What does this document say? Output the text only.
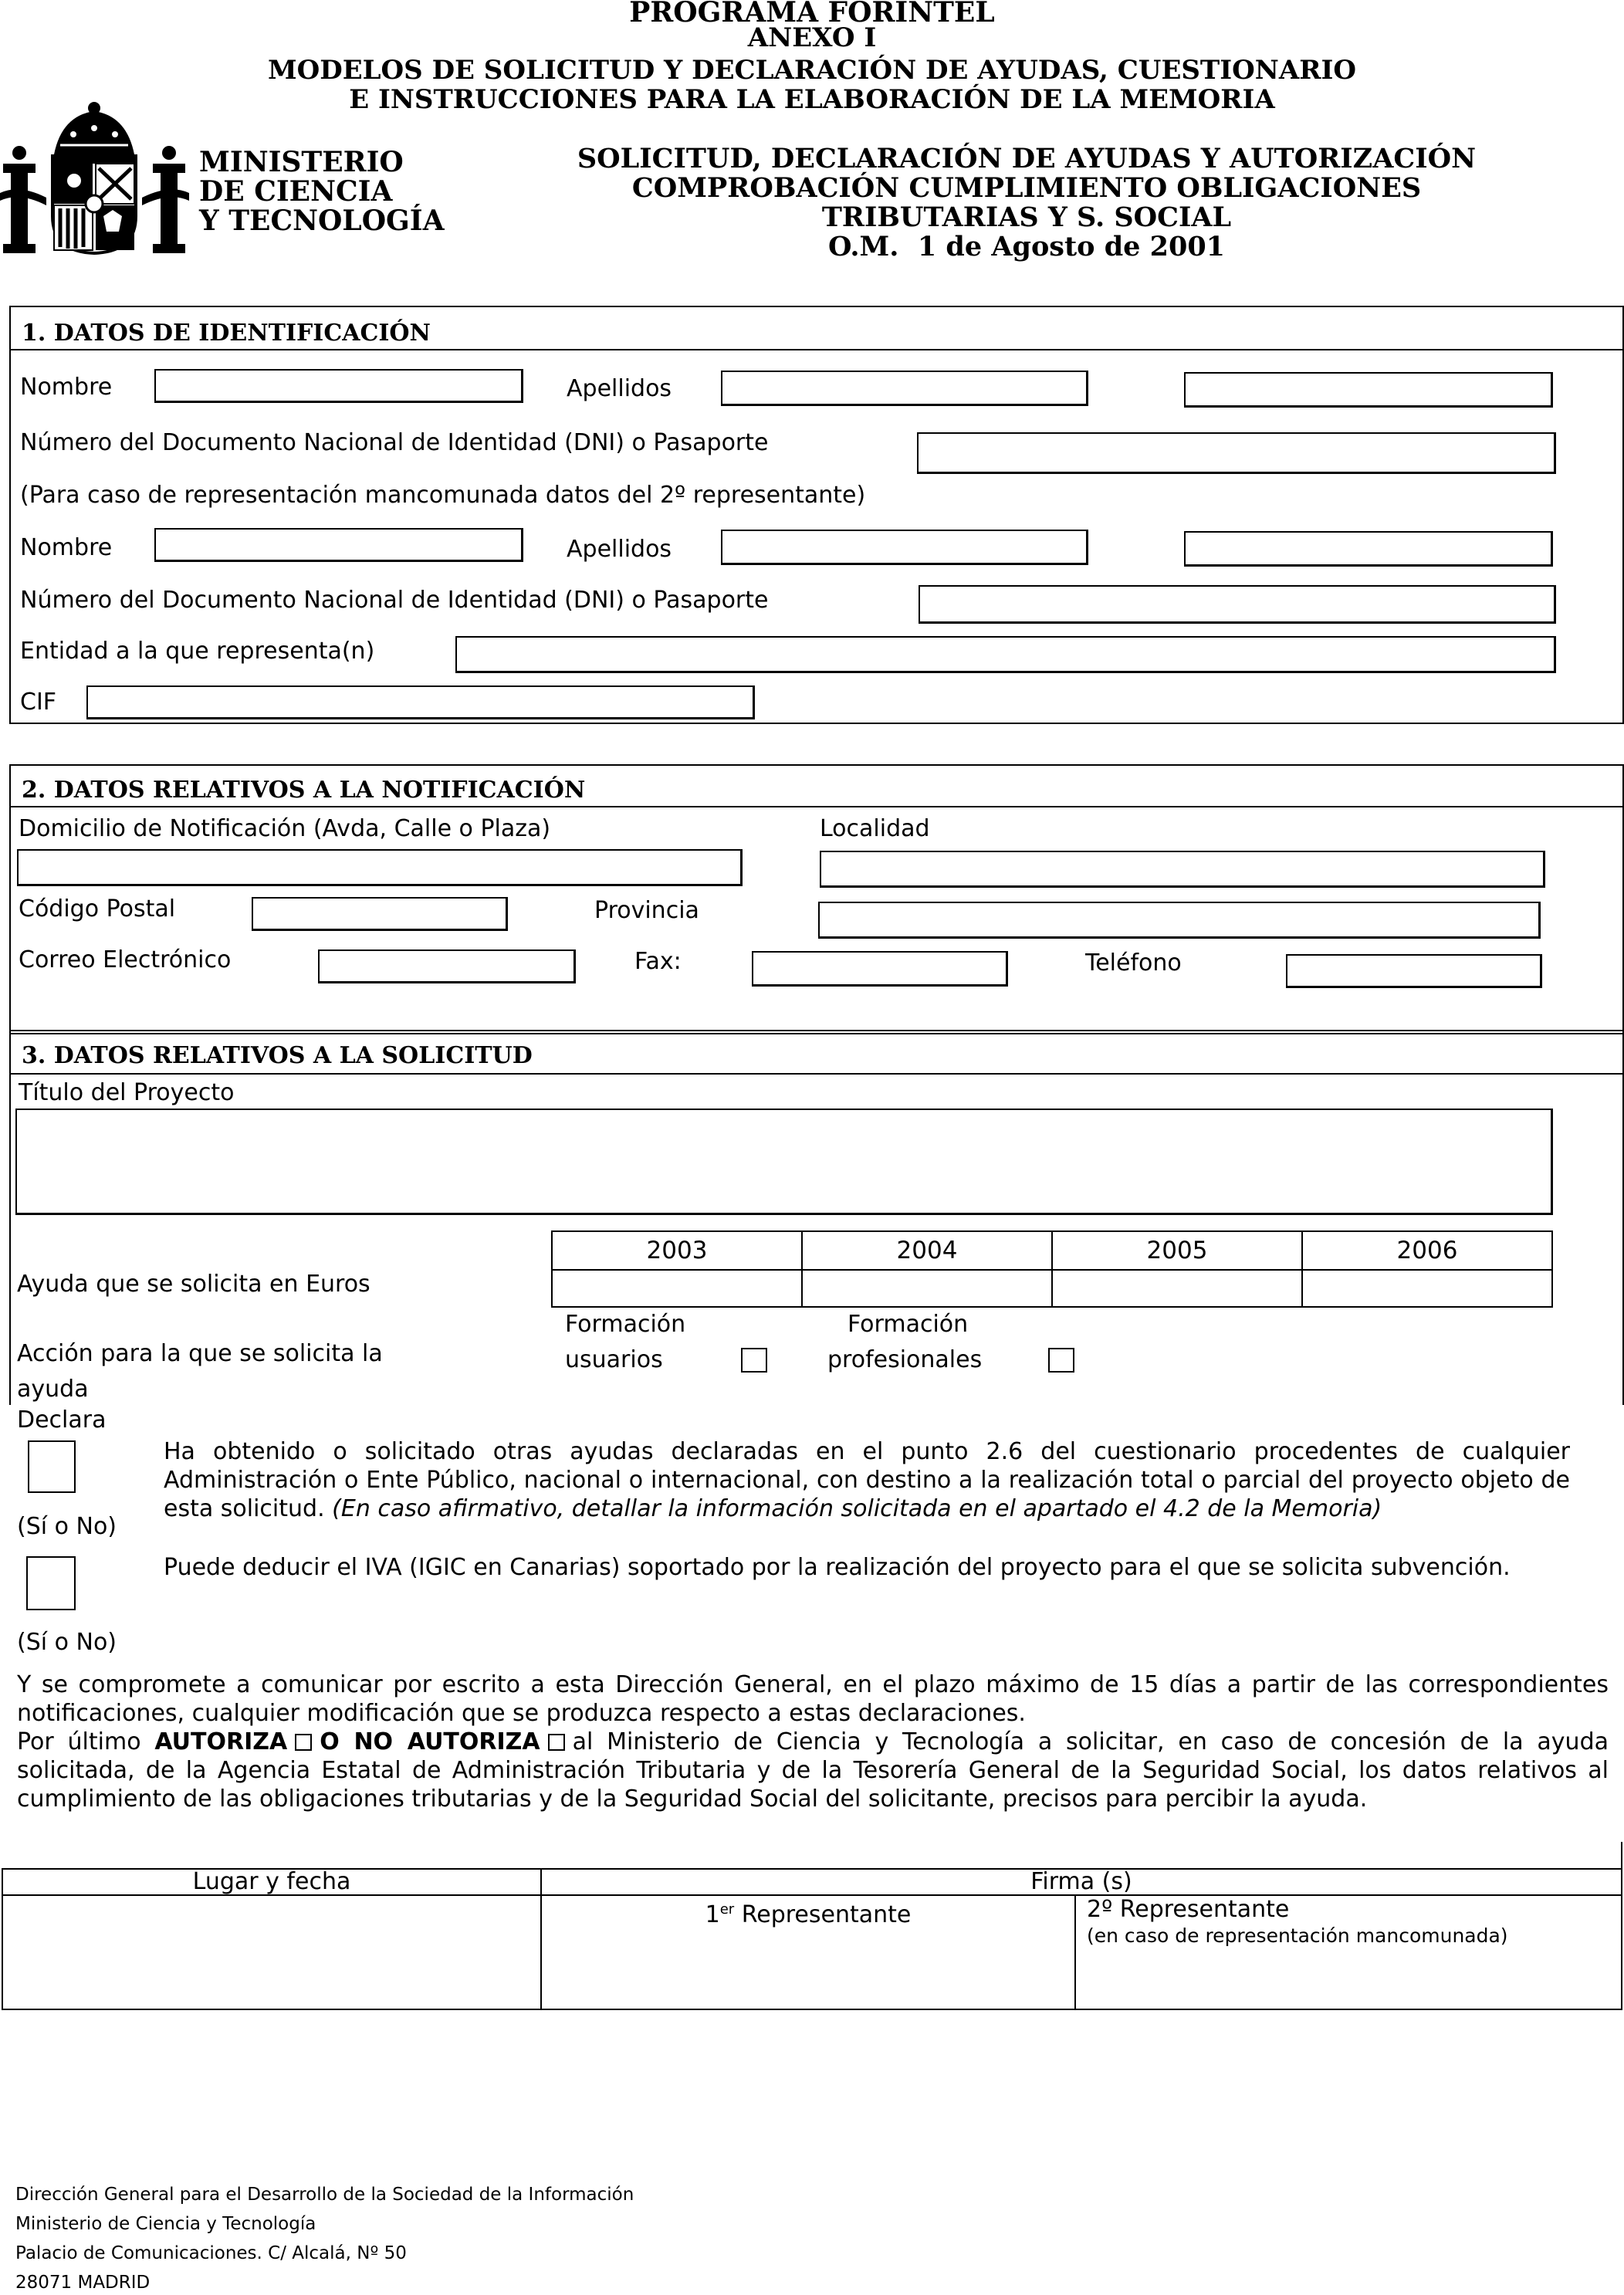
PROGRAMA FORINTEL
ANEXO I
MODELOS DE SOLICITUD Y DECLARACIÓN DE AYUDAS, CUESTIONARIO
E INSTRUCCIONES PARA LA ELABORACIÓN DE LA MEMORIA
MINISTERIO
DE CIENCIA
Y TECNOLOGÍA
SOLICITUD, DECLARACIÓN DE AYUDAS Y AUTORIZACIÓN
COMPROBACIÓN CUMPLIMIENTO OBLIGACIONES
TRIBUTARIAS Y S. SOCIAL
O.M.  1 de Agosto de 2001
1. DATOS DE IDENTIFICACIÓN
Nombre	Apellidos
Número del Documento Nacional de Identidad (DNI) o Pasaporte
(Para caso de representación mancomunada datos del 2º representante)
Nombre	Apellidos
Número del Documento Nacional de Identidad (DNI) o Pasaporte
Entidad a la que representa(n)
CIF
2. DATOS RELATIVOS A LA NOTIFICACIÓN
Domicilio de Notificación (Avda, Calle o Plaza)	Localidad
Código Postal	Provincia
Correo Electrónico	Fax:	Teléfono
3. DATOS RELATIVOS A LA SOLICITUD
Título del Proyecto
2003	2004	2005	2006

Ayuda que se solicita en Euros
Acción para la que se solicita la
ayuda
Formación
usuarios
Formación
profesionales
Declara
(Sí o No)
Ha obtenido o solicitado otras ayudas declaradas en el punto 2.6 del cuestionario procedentes de cualquier Administración o Ente Público, nacional o internacional, con destino a la realización total o parcial del proyecto objeto de esta solicitud. (En caso afirmativo, detallar la información solicitada en el apartado el 4.2 de la Memoria)
Puede deducir el IVA (IGIC en Canarias) soportado por la realización del proyecto para el que se solicita subvención.
(Sí o No)
Y se compromete a comunicar por escrito a esta Dirección General, en el plazo máximo de 15 días a partir de las correspondientes notificaciones, cualquier modificación que se produzca respecto a estas declaraciones.
Por último AUTORIZA O NO AUTORIZA al Ministerio de Ciencia y Tecnología a solicitar, en caso de concesión de la ayuda solicitada, de la Agencia Estatal de Administración Tributaria y de la Tesorería General de la Seguridad Social, los datos relativos al cumplimiento de las obligaciones tributarias y de la Seguridad Social del solicitante, precisos para percibir la ayuda.
Lugar y fecha	Firma (s)	
	1er Representante	2º Representante
(en caso de representación mancomunada)
Dirección General para el Desarrollo de la Sociedad de la Información
Ministerio de Ciencia y Tecnología
Palacio de Comunicaciones. C/ Alcalá, Nº 50
28071 MADRID
